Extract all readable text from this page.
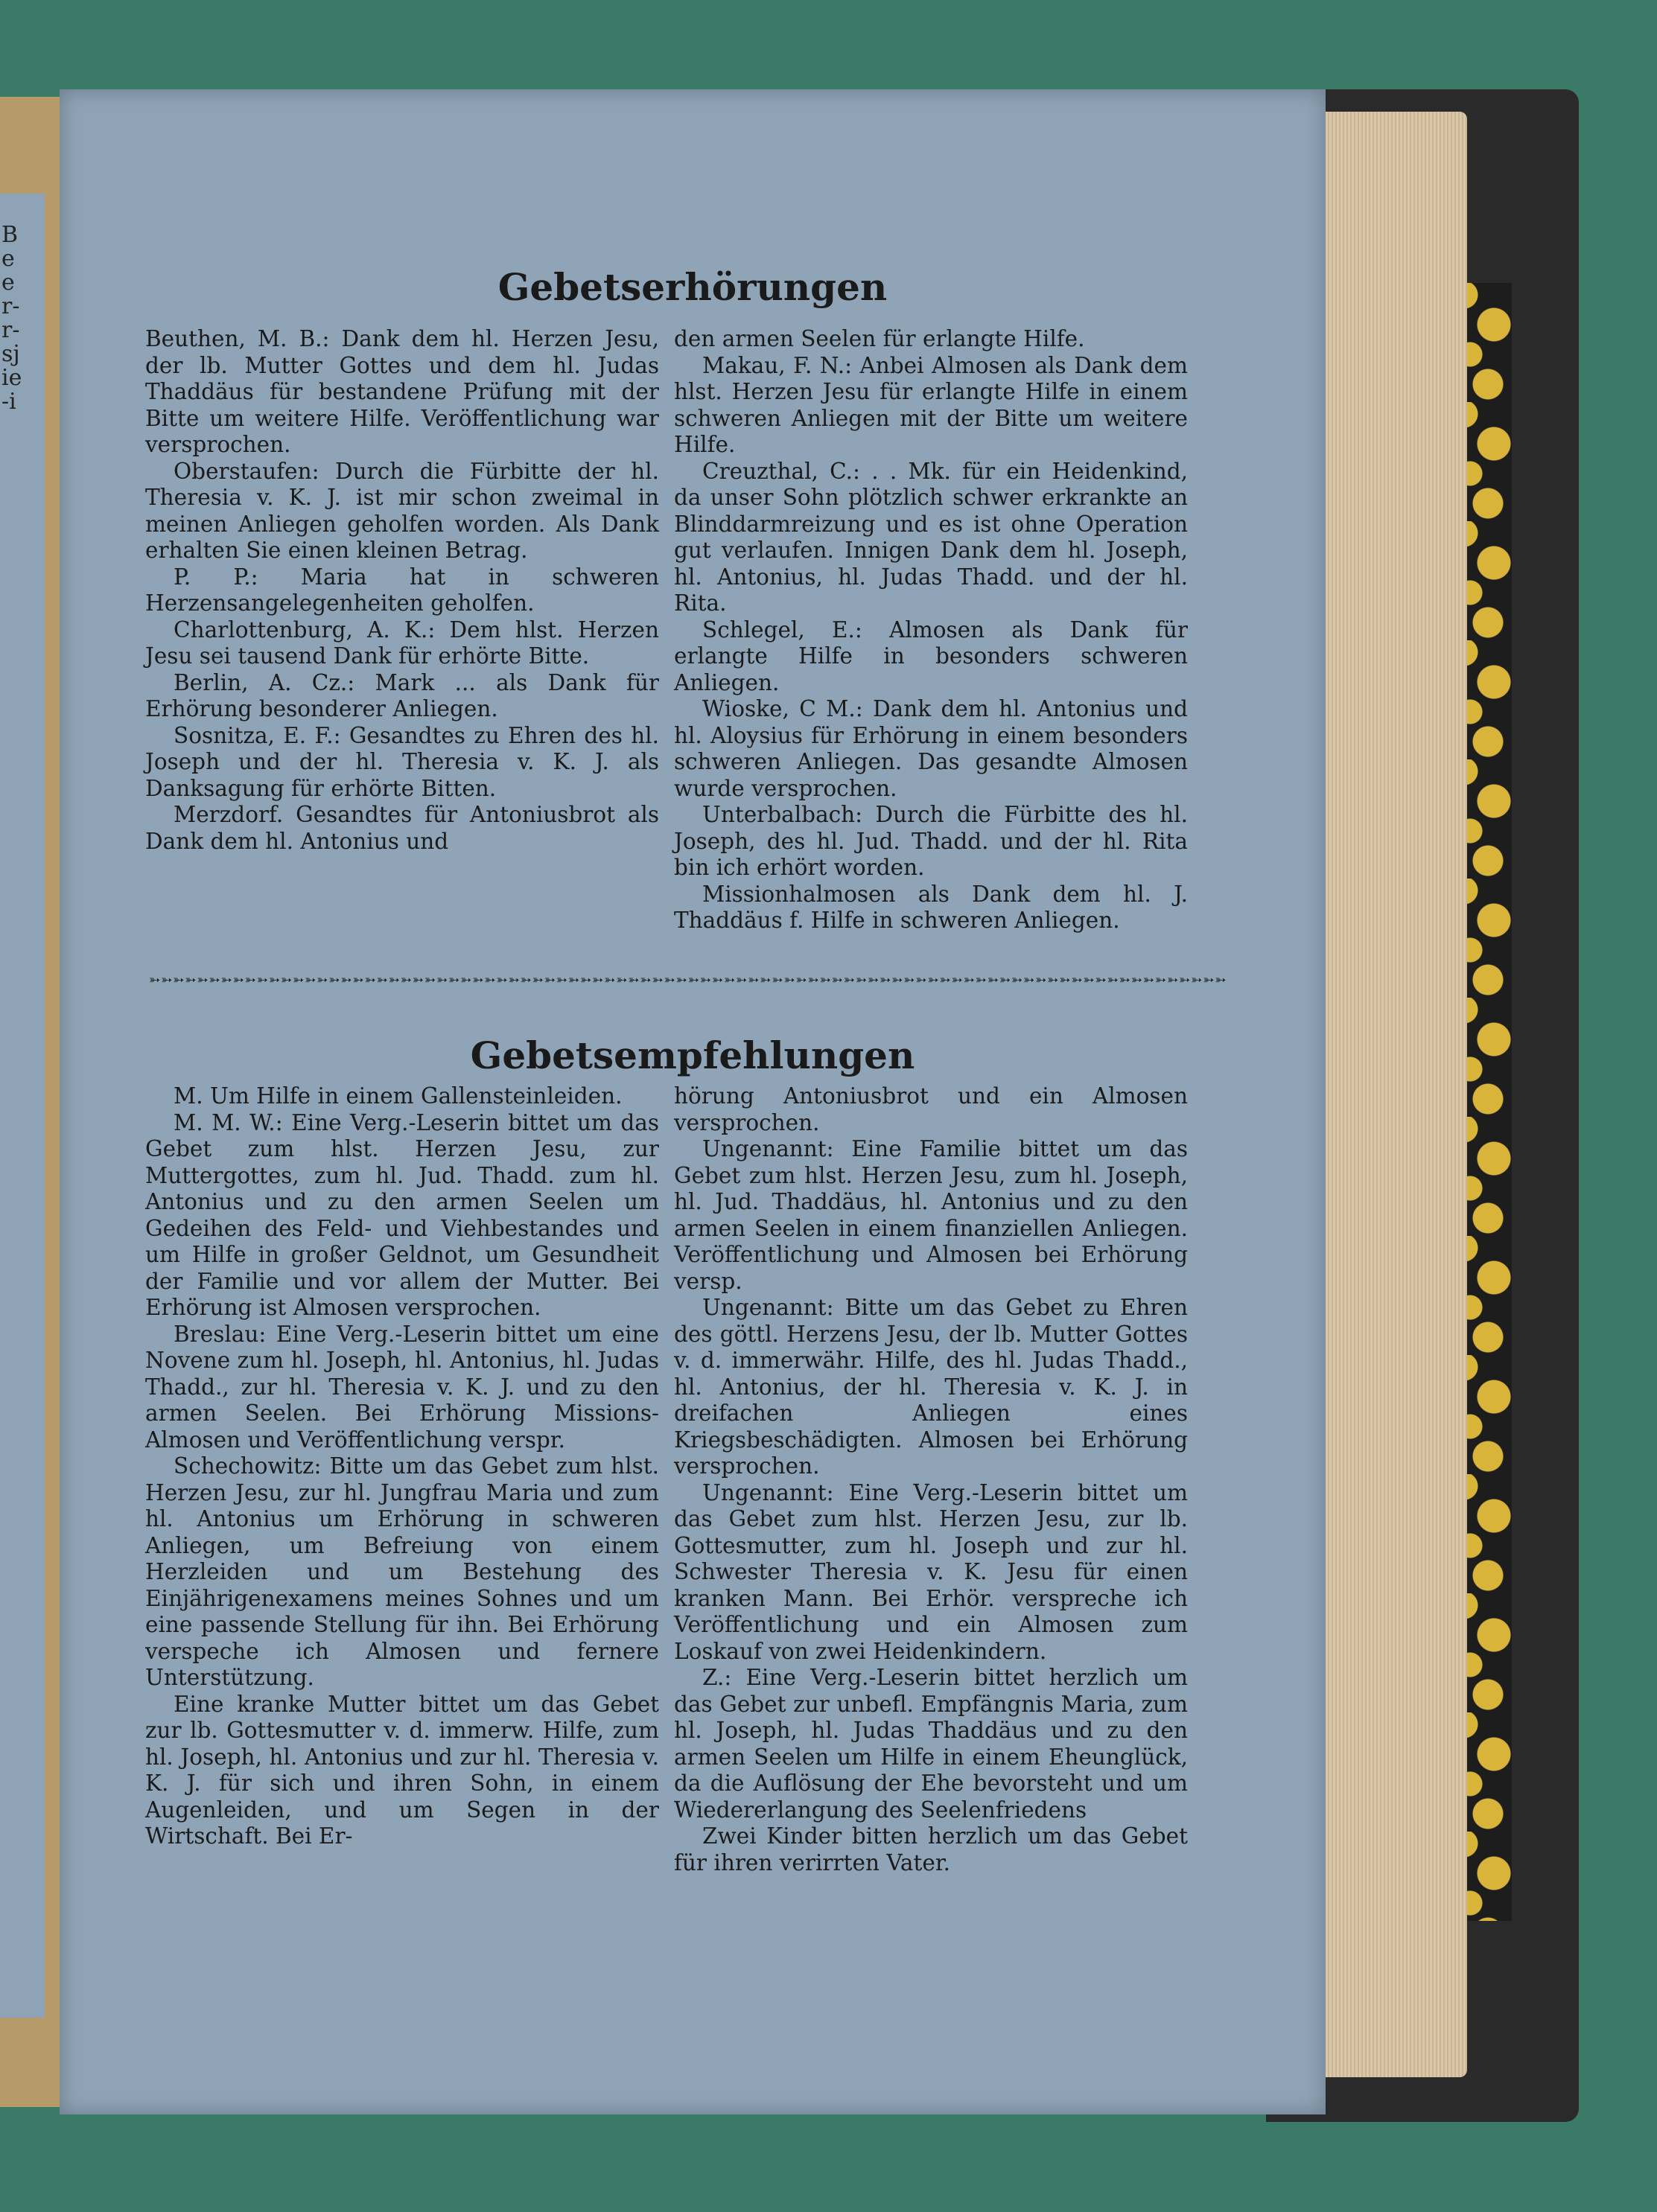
Beer-r-sjie-i
Gebetserhörungen

Beuthen, M. B.: Dank dem hl. Herzen Jesu, der lb. Mutter Gottes und dem hl. Judas Thaddäus für bestandene Prüfung mit der Bitte um weitere Hilfe. Veröffentlichung war versprochen.

Oberstaufen: Durch die Fürbitte der hl. Theresia v. K. J. ist mir schon zweimal in meinen Anliegen geholfen worden. Als Dank erhalten Sie einen kleinen Betrag.

P. P.: Maria hat in schweren Herzensangelegenheiten geholfen.

Charlottenburg, A. K.: Dem hlst. Herzen Jesu sei tausend Dank für erhörte Bitte.

Berlin, A. Cz.: Mark ... als Dank für Erhörung besonderer Anliegen.

Sosnitza, E. F.: Gesandtes zu Ehren des hl. Joseph und der hl. Theresia v. K. J. als Danksagung für erhörte Bitten.

Merzdorf. Gesandtes für Antoniusbrot als Dank dem hl. Antonius und

den armen Seelen für erlangte Hilfe.

Makau, F. N.: Anbei Almosen als Dank dem hlst. Herzen Jesu für erlangte Hilfe in einem schweren Anliegen mit der Bitte um weitere Hilfe.

Creuzthal, C.: . . Mk. für ein Heidenkind, da unser Sohn plötzlich schwer erkrankte an Blinddarmreizung und es ist ohne Operation gut verlaufen. Innigen Dank dem hl. Joseph, hl. Antonius, hl. Judas Thadd. und der hl. Rita.

Schlegel, E.: Almosen als Dank für erlangte Hilfe in besonders schweren Anliegen.

Wioske, C M.: Dank dem hl. Antonius und hl. Aloysius für Erhörung in einem besonders schweren Anliegen. Das gesandte Almosen wurde versprochen.

Unterbalbach: Durch die Fürbitte des hl. Joseph, des hl. Jud. Thadd. und der hl. Rita bin ich erhört worden.

Missionhalmosen als Dank dem hl. J. Thaddäus f. Hilfe in schweren Anliegen.

➳➳➳➳➳➳➳➳➳➳➳➳➳➳➳➳➳➳➳➳➳➳➳➳➳➳➳➳➳➳➳➳➳➳➳➳➳➳➳➳➳➳➳➳➳➳➳➳➳➳➳➳➳➳➳➳➳➳➳➳➳➳➳➳➳➳➳➳➳➳➳➳➳➳➳➳➳➳➳➳➳➳➳➳➳➳➳➳➳➳
Gebetsempfehlungen

M. Um Hilfe in einem Gallensteinleiden.

M. M. W.: Eine Verg.-Leserin bittet um das Gebet zum hlst. Herzen Jesu, zur Muttergottes, zum hl. Jud. Thadd. zum hl. Antonius und zu den armen Seelen um Gedeihen des Feld- und Viehbestandes und um Hilfe in großer Geldnot, um Gesundheit der Familie und vor allem der Mutter. Bei Erhörung ist Almosen versprochen.

Breslau: Eine Verg.-Leserin bittet um eine Novene zum hl. Joseph, hl. Antonius, hl. Judas Thadd., zur hl. Theresia v. K. J. und zu den armen Seelen. Bei Erhörung Missions-Almosen und Veröffentlichung verspr.

Schechowitz: Bitte um das Gebet zum hlst. Herzen Jesu, zur hl. Jungfrau Maria und zum hl. Antonius um Erhörung in schweren Anliegen, um Befreiung von einem Herzleiden und um Bestehung des Einjährigenexamens meines Sohnes und um eine passende Stellung für ihn. Bei Erhörung verspeche ich Almosen und fernere Unterstützung.

Eine kranke Mutter bittet um das Gebet zur lb. Gottesmutter v. d. immerw. Hilfe, zum hl. Joseph, hl. Antonius und zur hl. Theresia v. K. J. für sich und ihren Sohn, in einem Augenleiden, und um Segen in der Wirtschaft. Bei Er-

hörung Antoniusbrot und ein Almosen versprochen.

Ungenannt: Eine Familie bittet um das Gebet zum hlst. Herzen Jesu, zum hl. Joseph, hl. Jud. Thaddäus, hl. Antonius und zu den armen Seelen in einem finanziellen Anliegen. Veröffentlichung und Almosen bei Erhörung versp.

Ungenannt: Bitte um das Gebet zu Ehren des göttl. Herzens Jesu, der lb. Mutter Gottes v. d. immerwähr. Hilfe, des hl. Judas Thadd., hl. Antonius, der hl. Theresia v. K. J. in dreifachen Anliegen eines Kriegsbeschädigten. Almosen bei Erhörung versprochen.

Ungenannt: Eine Verg.-Leserin bittet um das Gebet zum hlst. Herzen Jesu, zur lb. Gottesmutter, zum hl. Joseph und zur hl. Schwester Theresia v. K. Jesu für einen kranken Mann. Bei Erhör. verspreche ich Veröffentlichung und ein Almosen zum Loskauf von zwei Heidenkindern.

Z.: Eine Verg.-Leserin bittet herzlich um das Gebet zur unbefl. Empfängnis Maria, zum hl. Joseph, hl. Judas Thaddäus und zu den armen Seelen um Hilfe in einem Eheunglück, da die Auflösung der Ehe bevorsteht und um Wiedererlangung des Seelenfriedens

Zwei Kinder bitten herzlich um das Gebet für ihren verirrten Vater.
